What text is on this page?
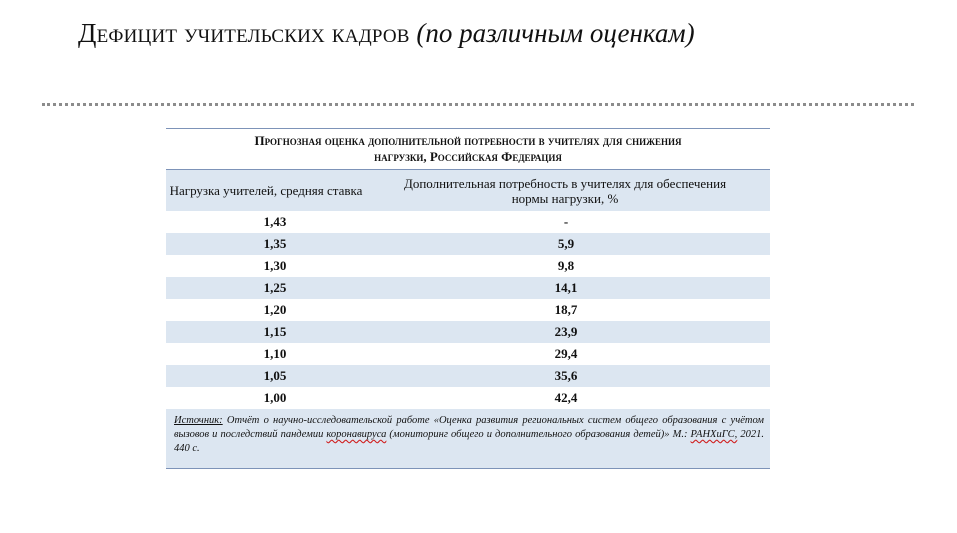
Дефицит учительских кадров (по различным оценкам)
Прогнозная оценка дополнительной потребности в учителях для снижения
нагрузки, Российская Федерация
Нагрузка учителей, средняя ставка	Дополнительная потребность в учителях для обеспечения нормы нагрузки, %
1,43	-
1,35	5,9
1,30	9,8
1,25	14,1
1,20	18,7
1,15	23,9
1,10	29,4
1,05	35,6
1,00	42,4
Источник: Отчёт о научно-исследовательской работе «Оценка развития региональных систем общего образования с учётом вызовов и последствий пандемии коронавируса (мониторинг общего и дополнительного образования детей)» М.: РАНХиГС, 2021. 440 с.
